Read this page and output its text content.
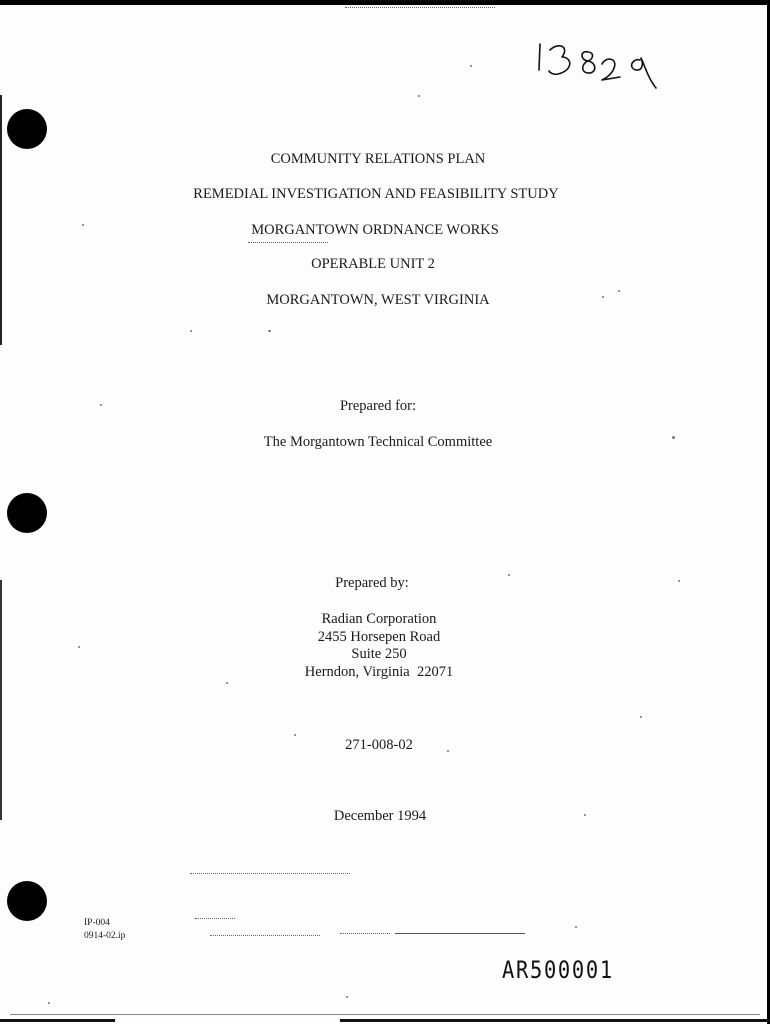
COMMUNITY RELATIONS PLAN
REMEDIAL INVESTIGATION AND FEASIBILITY STUDY
MORGANTOWN ORDNANCE WORKS
OPERABLE UNIT 2
MORGANTOWN, WEST VIRGINIA
Prepared for:
The Morgantown Technical Committee
Prepared by:
Radian Corporation
2455 Horsepen Road
Suite 250
Herndon, Virginia  22071
271-008-02
December 1994
IP-004
0914-02.ip
AR500001
